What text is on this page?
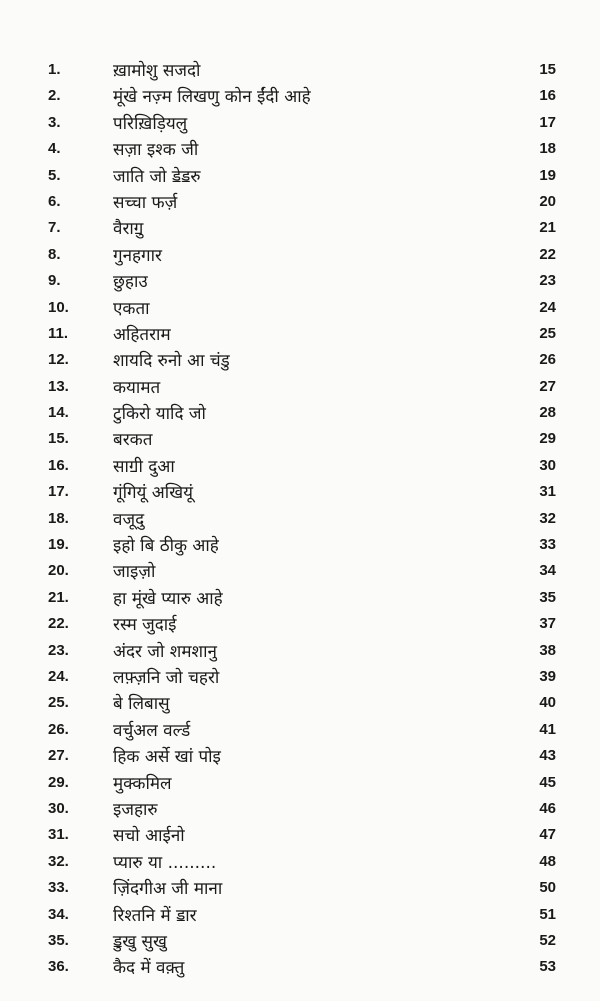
1.	ख़ामोशु सजदो	15
2.	मूंखे नज़्म लिखणु कोन ईंदी आहे	16
3.	परिख़िड़ियलु	17
4.	सज़ा इश्क जी	18
5.	जाति जो ॾेॾरु	19
6.	सच्चा फर्ज़	20
7.	वैराॻु	21
8.	गुनहगार	22
9.	छुहाउ	23
10.	एकता	24
11.	अहितराम	25
12.	शायदि रुनो आ चंडु	26
13.	कयामत	27
14.	टुकिरो यादि जो	28
15.	बरकत	29
16.	साॻी दुआ	30
17.	गूंगियूं अखियूं	31
18.	वजूदु	32
19.	इहो बि ठीकु आहे	33
20.	जाइज़ो	34
21.	हा मूंखे प्यारु आहे	35
22.	रस्म जुदाई	37
23.	अंदर जो शमशानु	38
24.	लफ़्ज़नि जो चहरो	39
25.	बे लिबासु	40
26.	वर्चुअल वर्ल्ड	41
27.	हिक अर्से खां पोइ	43
29.	मुक्कमिल	45
30.	इजहारु	46
31.	सचो आईनो	47
32.	प्यारु या .........	48
33.	ज़िंदगीअ जी माना	50
34.	रिश्तनि में ॾार	51
35.	ॾुखु सुखु	52
36.	कैद में वक़्तु	53
